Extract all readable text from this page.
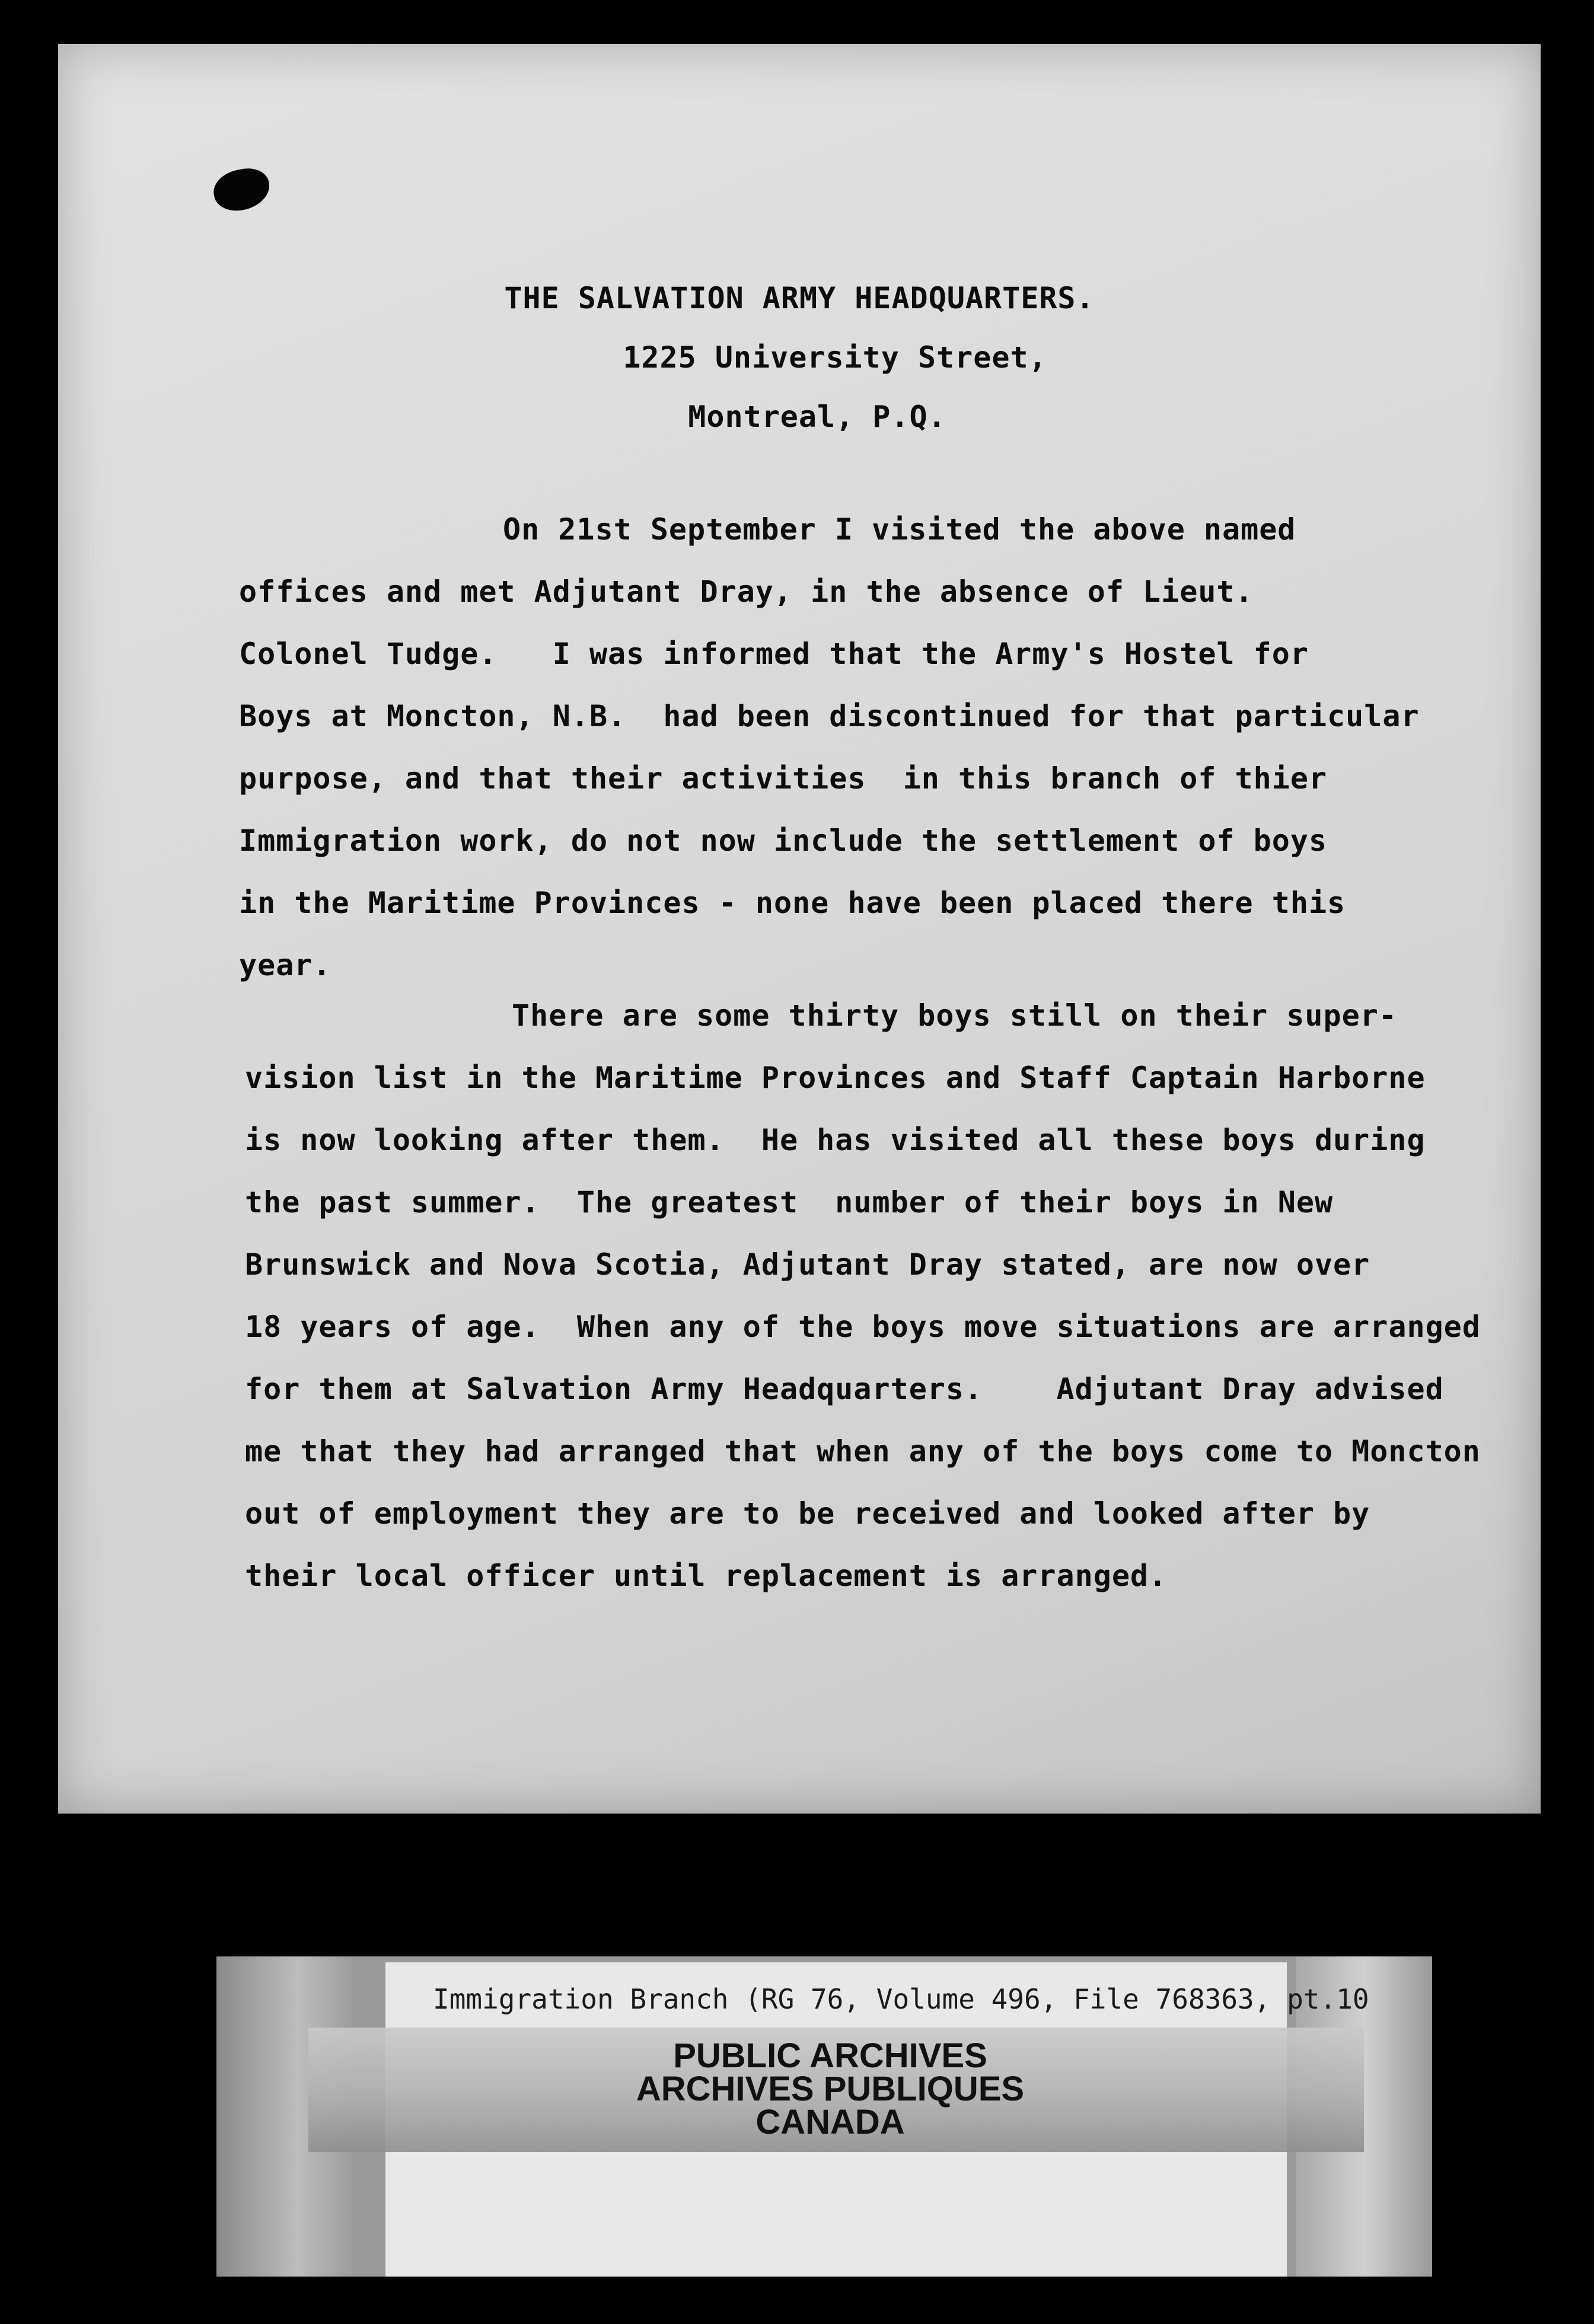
THE SALVATION ARMY HEADQUARTERS.
1225 University Street,
Montreal, P.Q.
On 21st September I visited the above named
offices and met Adjutant Dray, in the absence of Lieut.
Colonel Tudge.   I was informed that the Army's Hostel for
Boys at Moncton, N.B.  had been discontinued for that particular
purpose, and that their activities  in this branch of thier
Immigration work, do not now include the settlement of boys
in the Maritime Provinces - none have been placed there this
year.
There are some thirty boys still on their super-
vision list in the Maritime Provinces and Staff Captain Harborne
is now looking after them.  He has visited all these boys during
the past summer.  The greatest  number of their boys in New
Brunswick and Nova Scotia, Adjutant Dray stated, are now over
18 years of age.  When any of the boys move situations are arranged
for them at Salvation Army Headquarters.    Adjutant Dray advised
me that they had arranged that when any of the boys come to Moncton
out of employment they are to be received and looked after by
their local officer until replacement is arranged.
Immigration Branch (RG 76, Volume 496, File 768363, pt.10
PUBLIC ARCHIVES
ARCHIVES PUBLIQUES
CANADA
